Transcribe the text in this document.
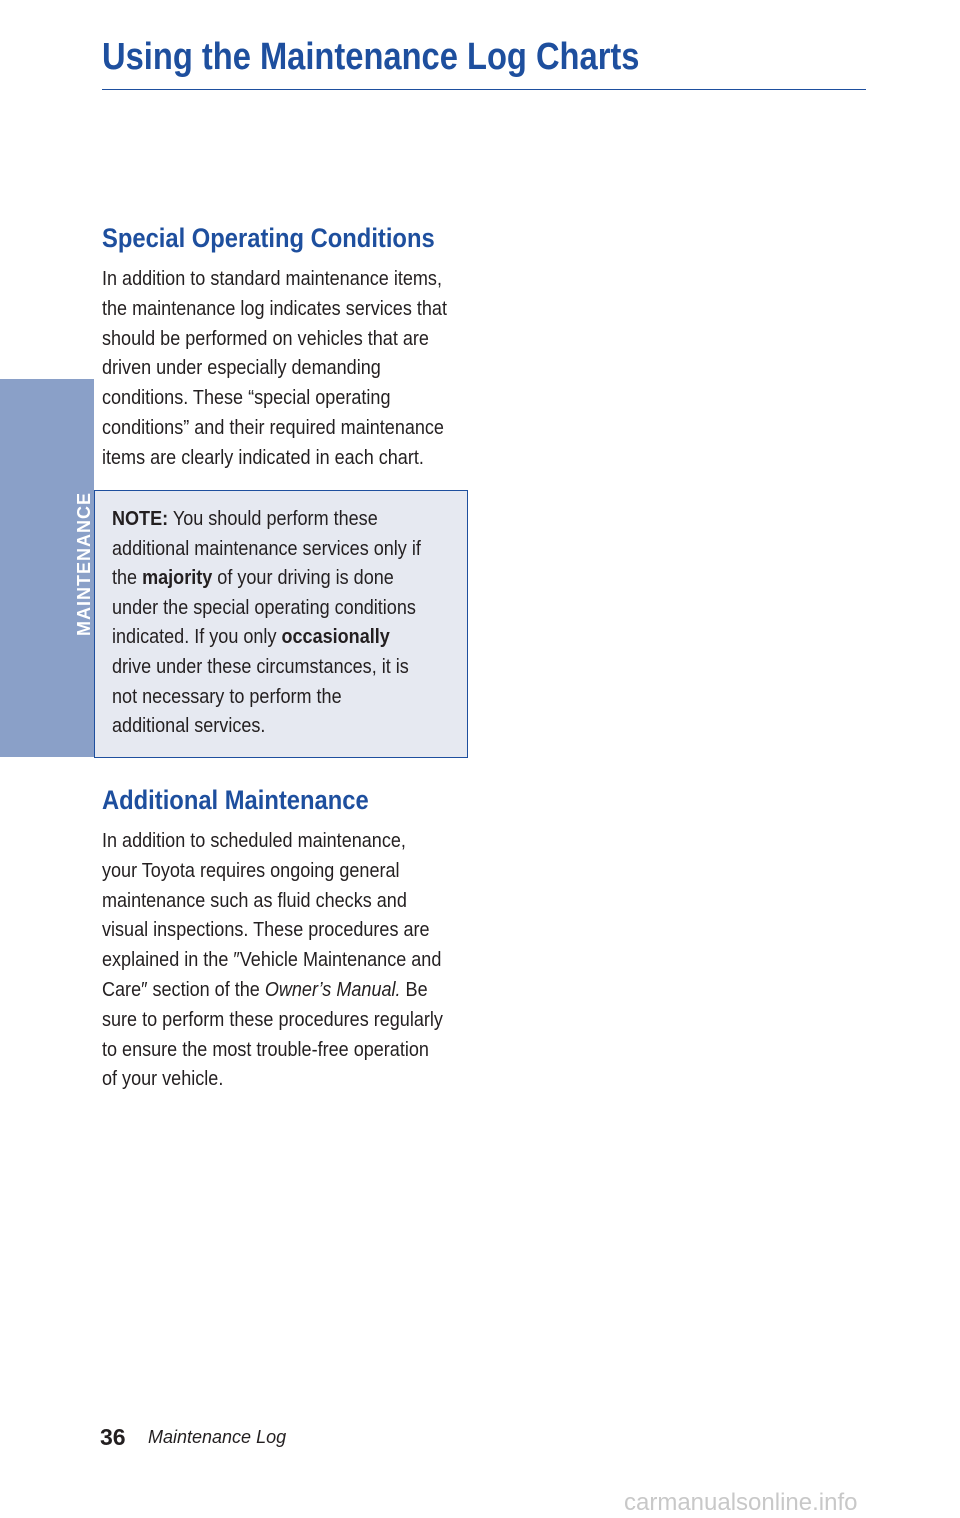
Using the Maintenance Log Charts
MAINTENANCE
Special Operating Conditions
In addition to standard maintenance items,
the maintenance log indicates services that
should be performed on vehicles that are
driven under especially demanding
conditions. These “special operating
conditions” and their required maintenance
items are clearly indicated in each chart.
NOTE: You should perform these
additional maintenance services only if
the majority of your driving is done
under the special operating conditions
indicated. If you only occasionally
drive under these circumstances, it is
not necessary to perform the
additional services.
Additional Maintenance
In addition to scheduled maintenance,
your Toyota requires ongoing general
maintenance such as fluid checks and
visual inspections. These procedures are
explained in the ″Vehicle Maintenance and
Care″ section of the Owner’s Manual. Be
sure to perform these procedures regularly
to ensure the most trouble-free operation
of your vehicle.
36 Maintenance Log
carmanualsonline.info
